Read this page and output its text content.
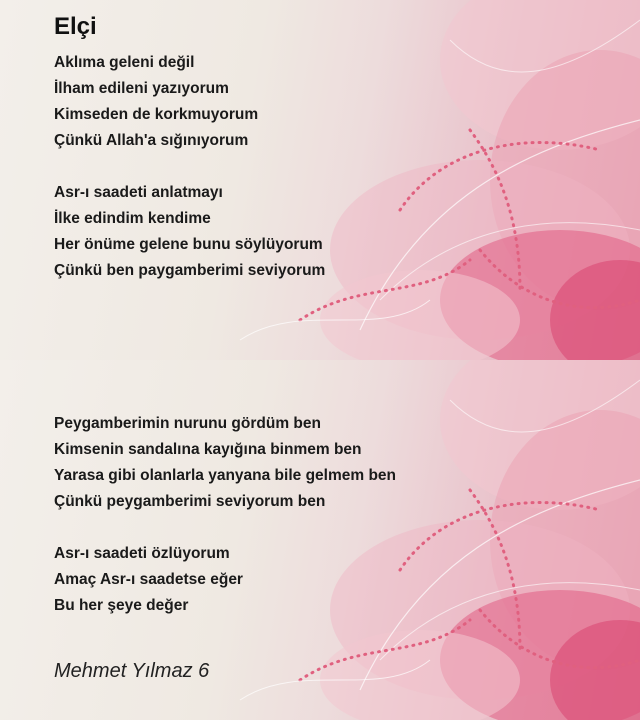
Elçi
Aklıma geleni değil
İlham edileni yazıyorum
Kimseden de korkmuyorum
Çünkü Allah'a sığınıyorum
Asr-ı saadeti anlatmayı
İlke edindim kendime
Her önüme gelene bunu söylüyorum
Çünkü ben paygamberimi seviyorum
Peygamberimin nurunu gördüm ben
Kimsenin sandalına kayığına binmem ben
Yarasa gibi olanlarla yanyana bile gelmem ben
Çünkü peygamberimi seviyorum ben
Asr-ı saadeti özlüyorum
Amaç Asr-ı saadetse eğer
Bu her şeye değer
Mehmet Yılmaz 6
